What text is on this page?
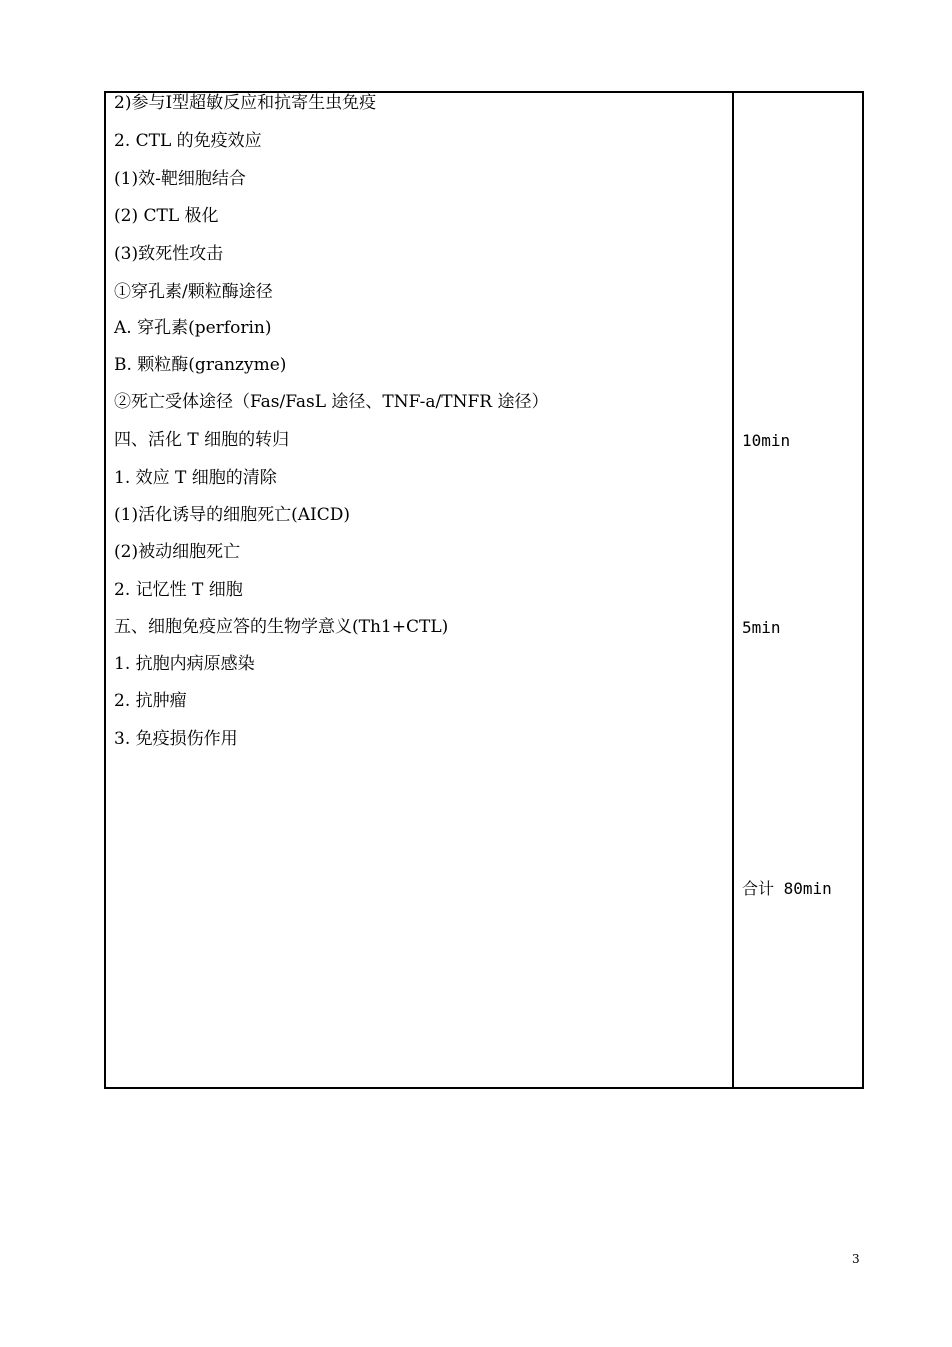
2)参与Ⅰ型超敏反应和抗寄生虫免疫
2. CTL 的免疫效应
(1)效-靶细胞结合
(2) CTL 极化
(3)致死性攻击
①穿孔素/颗粒酶途径
A. 穿孔素(perforin)
B. 颗粒酶(granzyme)
②死亡受体途径（Fas/FasL 途径、TNF-a/TNFR 途径）
四、活化 T 细胞的转归
1. 效应 T 细胞的清除
(1)活化诱导的细胞死亡(AICD)
(2)被动细胞死亡
2. 记忆性 T 细胞
五、细胞免疫应答的生物学意义(Th1+CTL)
1. 抗胞内病原感染
2. 抗肿瘤
3. 免疫损伤作用
10min
5min
合计 80min
3
